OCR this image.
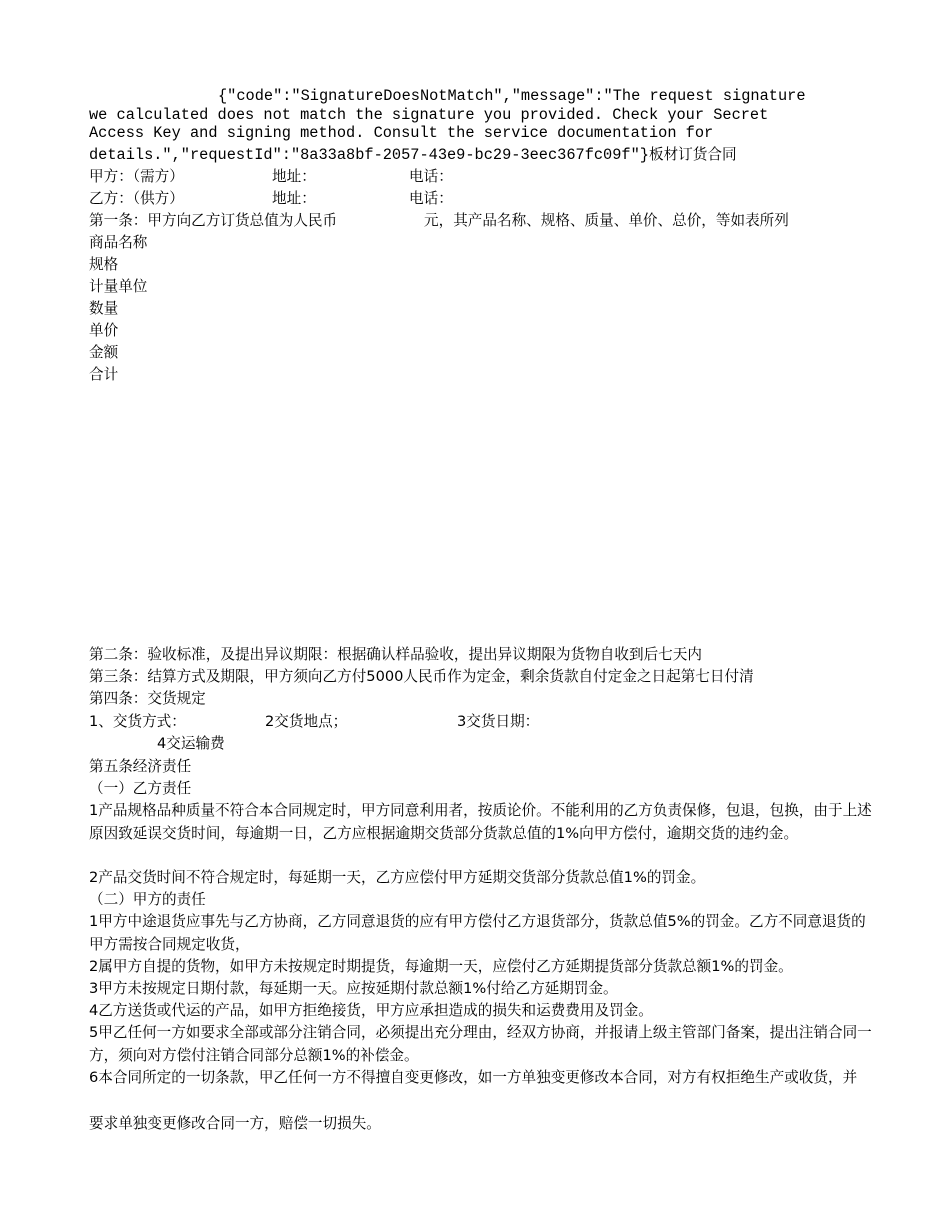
{"code":"SignatureDoesNotMatch","message":"The request signature
we calculated does not match the signature you provided. Check your Secret
Access Key and signing method. Consult the service documentation for
details.","requestId":"8a33a8bf-2057-43e9-bc29-3eec367fc09f"}板材订货合同
甲方：（需方）	地址：	电话：
乙方：（供方）	地址：	电话：
第一条：甲方向乙方订货总值为人民币	元，其产品名称、规格、质量、单价、总价，等如表所列
商品名称
规格
计量单位
数量
单价
金额
合计
第二条：验收标准，及提出异议期限：根据确认样品验收，提出异议期限为货物自收到后七天内
第三条：结算方式及期限，甲方须向乙方付5000人民币作为定金，剩余货款自付定金之日起第七日付清
第四条：交货规定
1、交货方式：	2交货地点；	3交货日期：
4交运输费
第五条经济责任
（一）乙方责任
1产品规格品种质量不符合本合同规定时，甲方同意利用者，按质论价。不能利用的乙方负责保修，包退，包换，由于上述原因致延误交货时间，每逾期一日，乙方应根据逾期交货部分货款总值的1%向甲方偿付，逾期交货的违约金。
2产品交货时间不符合规定时，每延期一天，乙方应偿付甲方延期交货部分货款总值1%的罚金。
（二）甲方的责任
1甲方中途退货应事先与乙方协商，乙方同意退货的应有甲方偿付乙方退货部分，货款总值5%的罚金。乙方不同意退货的甲方需按合同规定收货，
2属甲方自提的货物，如甲方未按规定时期提货，每逾期一天，应偿付乙方延期提货部分货款总额1%的罚金。
3甲方未按规定日期付款，每延期一天。应按延期付款总额1%付给乙方延期罚金。
4乙方送货或代运的产品，如甲方拒绝接货，甲方应承担造成的损失和运费费用及罚金。
5甲乙任何一方如要求全部或部分注销合同，必须提出充分理由，经双方协商，并报请上级主管部门备案，提出注销合同一方，须向对方偿付注销合同部分总额1%的补偿金。
6本合同所定的一切条款，甲乙任何一方不得擅自变更修改，如一方单独变更修改本合同，对方有权拒绝生产或收货，并
要求单独变更修改合同一方，赔偿一切损失。
